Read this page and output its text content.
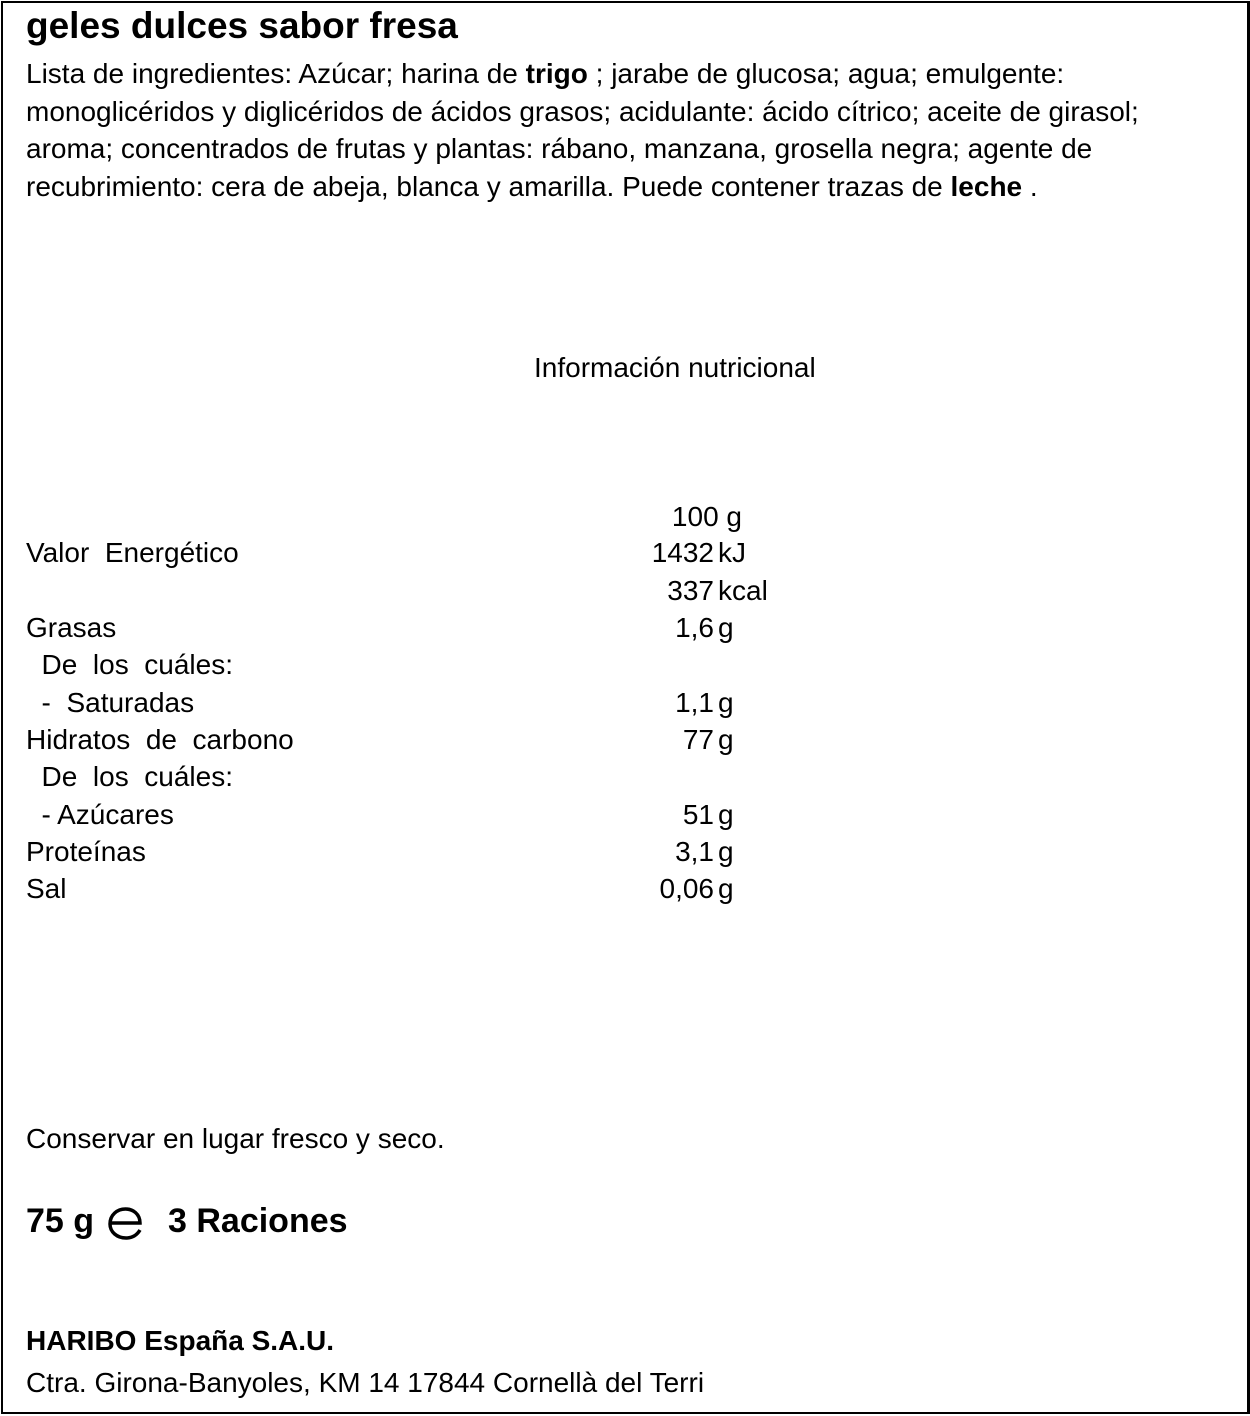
geles dulces sabor fresa
Lista de ingredientes: Azúcar; harina de trigo ; jarabe de glucosa; agua; emulgente: monoglicéridos y diglicéridos de ácidos grasos; acidulante: ácido cítrico; aceite de girasol; aroma; concentrados de frutas y plantas: rábano, manzana, grosella negra; agente de recubrimiento: cera de abeja, blanca y amarilla. Puede contener trazas de leche .
Información nutricional
100 g
Valor  Energético	1432 kJ
337 kcal
Grasas	1,6 g
De  los  cuáles:
-  Saturadas	1,1 g
Hidratos  de  carbono	77 g
De  los  cuáles:
- Azúcares	51 g
Proteínas	3,1 g
Sal	0,06 g
Conservar en lugar fresco y seco.
75 g 3 Raciones
HARIBO España S.A.U.
Ctra. Girona-Banyoles, KM 14 17844 Cornellà del Terri
